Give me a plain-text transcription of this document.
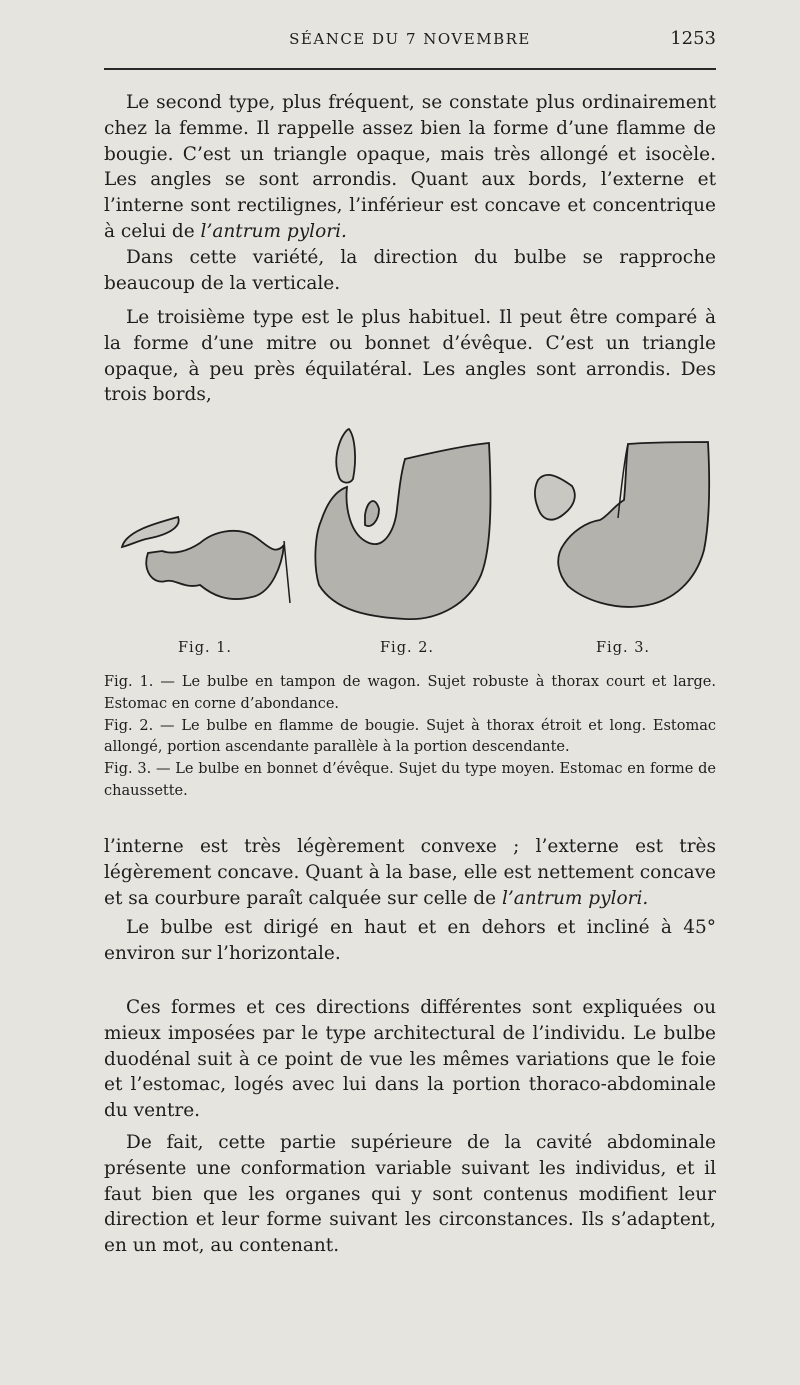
SÉANCE DU 7 NOVEMBRE	1253

Le second type, plus fréquent, se constate plus ordinairement chez la femme. Il rappelle assez bien la forme d’une flamme de bougie. C’est un triangle opaque, mais très allongé et isocèle. Les angles se sont arrondis. Quant aux bords, l’externe et l’interne sont rectilignes, l’inférieur est concave et concentrique à celui de l’antrum pylori.

Dans cette variété, la direction du bulbe se rapproche beaucoup de la verticale.

Le troisième type est le plus habituel. Il peut être comparé à la forme d’une mitre ou bonnet d’évêque. C’est un triangle opaque, à peu près équilatéral. Les angles sont arrondis. Des trois bords,

Fig. 1.	Fig. 2.	Fig. 3.

Fig. 1. — Le bulbe en tampon de wagon. Sujet robuste à thorax court et large. Estomac en corne d’abondance.

Fig. 2. — Le bulbe en flamme de bougie. Sujet à thorax étroit et long. Estomac allongé, portion ascendante parallèle à la portion descendante.

Fig. 3. — Le bulbe en bonnet d’évêque. Sujet du type moyen. Estomac en forme de chaussette.

l’interne est très légèrement convexe ; l’externe est très légèrement concave. Quant à la base, elle est nettement concave et sa courbure paraît calquée sur celle de l’antrum pylori.

Le bulbe est dirigé en haut et en dehors et incliné à 45° environ sur l’horizontale.

Ces formes et ces directions différentes sont expliquées ou mieux imposées par le type architectural de l’individu. Le bulbe duodénal suit à ce point de vue les mêmes variations que le foie et l’estomac, logés avec lui dans la portion thoraco-abdominale du ventre.

De fait, cette partie supérieure de la cavité abdominale présente une conformation variable suivant les individus, et il faut bien que les organes qui y sont contenus modifient leur direction et leur forme suivant les circonstances. Ils s’adaptent, en un mot, au contenant.
